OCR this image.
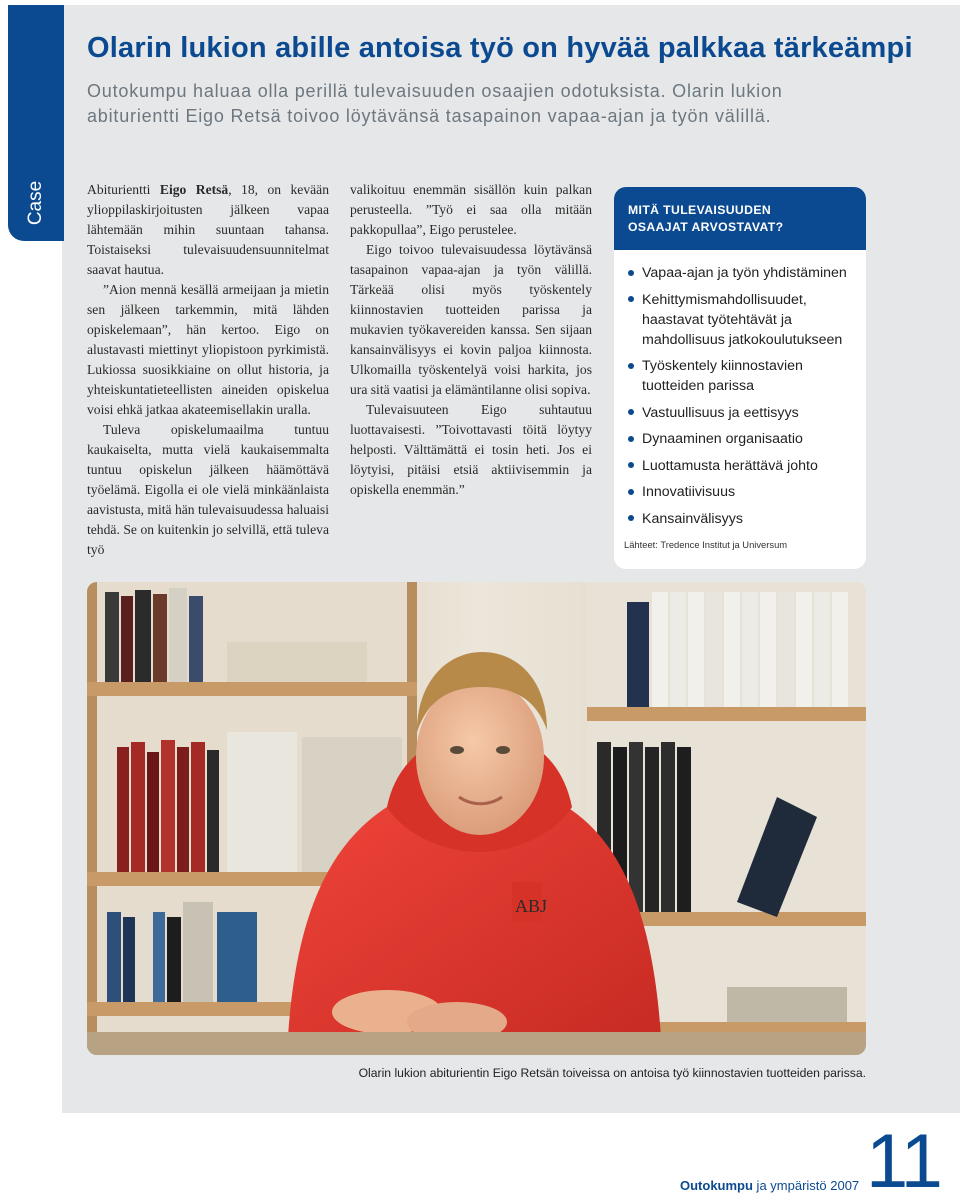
Case
Olarin lukion abille antoisa työ on hyvää palkkaa tärkeämpi
Outokumpu haluaa olla perillä tulevaisuuden osaajien odotuksista. Olarin lukion abiturientti Eigo Retsä toivoo löytävänsä tasapainon vapaa-ajan ja työn välillä.

Abiturientti Eigo Retsä, 18, on kevään ylioppilaskirjoitusten jälkeen vapaa lähtemään mihin suuntaan tahansa. Toistaiseksi tulevaisuudensuunnitelmat saavat hautua.

”Aion mennä kesällä armeijaan ja mietin sen jälkeen tarkemmin, mitä lähden opiskelemaan”, hän kertoo. Eigo on alustavasti miettinyt yliopistoon pyrkimistä. Lukiossa suosikkiaine on ollut historia, ja yhteiskuntatieteellisten aineiden opiskelua voisi ehkä jatkaa akateemisellakin uralla.

Tuleva opiskelumaailma tuntuu kaukaiselta, mutta vielä kaukaisemmalta tuntuu opiskelun jälkeen häämöttävä työelämä. Eigolla ei ole vielä minkäänlaista aavistusta, mitä hän tulevaisuudessa haluaisi tehdä. Se on kuitenkin jo selvillä, että tuleva työ

valikoituu enemmän sisällön kuin palkan perusteella. ”Työ ei saa olla mitään pakkopullaa”, Eigo perustelee.

Eigo toivoo tulevaisuudessa löytävänsä tasapainon vapaa-ajan ja työn välillä. Tärkeää olisi myös työskentely kiinnostavien tuotteiden parissa ja mukavien työkavereiden kanssa. Sen sijaan kansainvälisyys ei kovin paljoa kiinnosta. Ulkomailla työskentelyä voisi harkita, jos ura sitä vaatisi ja elämäntilanne olisi sopiva.

Tulevaisuuteen Eigo suhtautuu luottavaisesti. ”Toivottavasti töitä löytyy helposti. Välttämättä ei tosin heti. Jos ei löytyisi, pitäisi etsiä aktiivisemmin ja opiskella enemmän.”

MITÄ TULEVAISUUDEN
OSAAJAT ARVOSTAVAT?
Vapaa-ajan ja työn yhdistäminen
Kehittymismahdollisuudet, haastavat työtehtävät ja mahdollisuus jatkokoulutukseen
Työskentely kiinnostavien tuotteiden parissa
Vastuullisuus ja eettisyys
Dynaaminen organisaatio
Luottamusta herättävä johto
Innovatiivisuus
Kansainvälisyys
Lähteet: Tredence Institut ja Universum
ABJ
Olarin lukion abiturientin Eigo Retsän toiveissa on antoisa työ kiinnostavien tuotteiden parissa.
Outokumpu ja ympäristö 2007 11
